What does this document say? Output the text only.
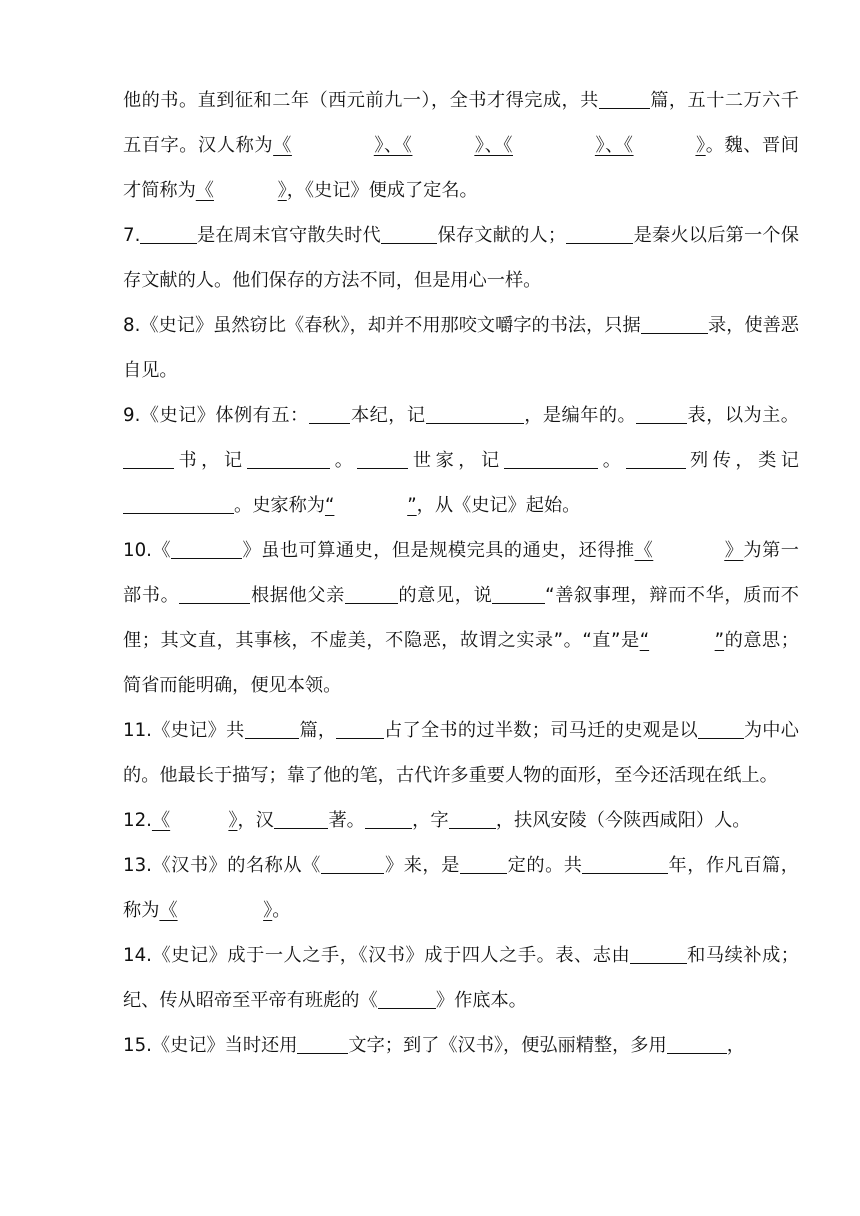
他的书。直到征和二年（西元前九一），全书才得完成，共	篇，五十二万六千五百字。汉人称为《	》、《	》、《	》、《	》。魏、晋间才简称为《	》，《史记》便成了定名。

7.	是在周末官守散失时代	保存文献的人；	是秦火以后第一个保存文献的人。他们保存的方法不同，但是用心一样。

8.《史记》虽然窃比《春秋》，却并不用那咬文嚼字的书法，只据	录，使善恶自见。

9.《史记》体例有五： 本纪，记	，是编年的。	表，以为主。书，记	。	世家，记	。	列传，类记。史家称为“	”，从《史记》起始。

10.《	》虽也可算通史，但是规模完具的通史，还得推《	》为第一部书。	根据他父亲	的意见，说	“善叙事理，辩而不华，质而不俚；其文直，其事核，不虚美，不隐恶，故谓之实录”。“直”是“	”的意思；简省而能明确，便见本领。

11.《史记》共	篇，	占了全书的过半数；司马迁的史观是以	为中心的。他最长于描写；靠了他的笔，古代许多重要人物的面形，至今还活现在纸上。

12.《	》，汉	著。	，字	，扶风安陵（今陕西咸阳）人。

13.《汉书》的名称从《	》来，是	定的。共	年，作凡百篇，称为《	》。

14.《史记》成于一人之手，《汉书》成于四人之手。表、志由	和马续补成；纪、传从昭帝至平帝有班彪的《	》作底本。

15.《史记》当时还用	文字；到了《汉书》，便弘丽精整，多用	，
